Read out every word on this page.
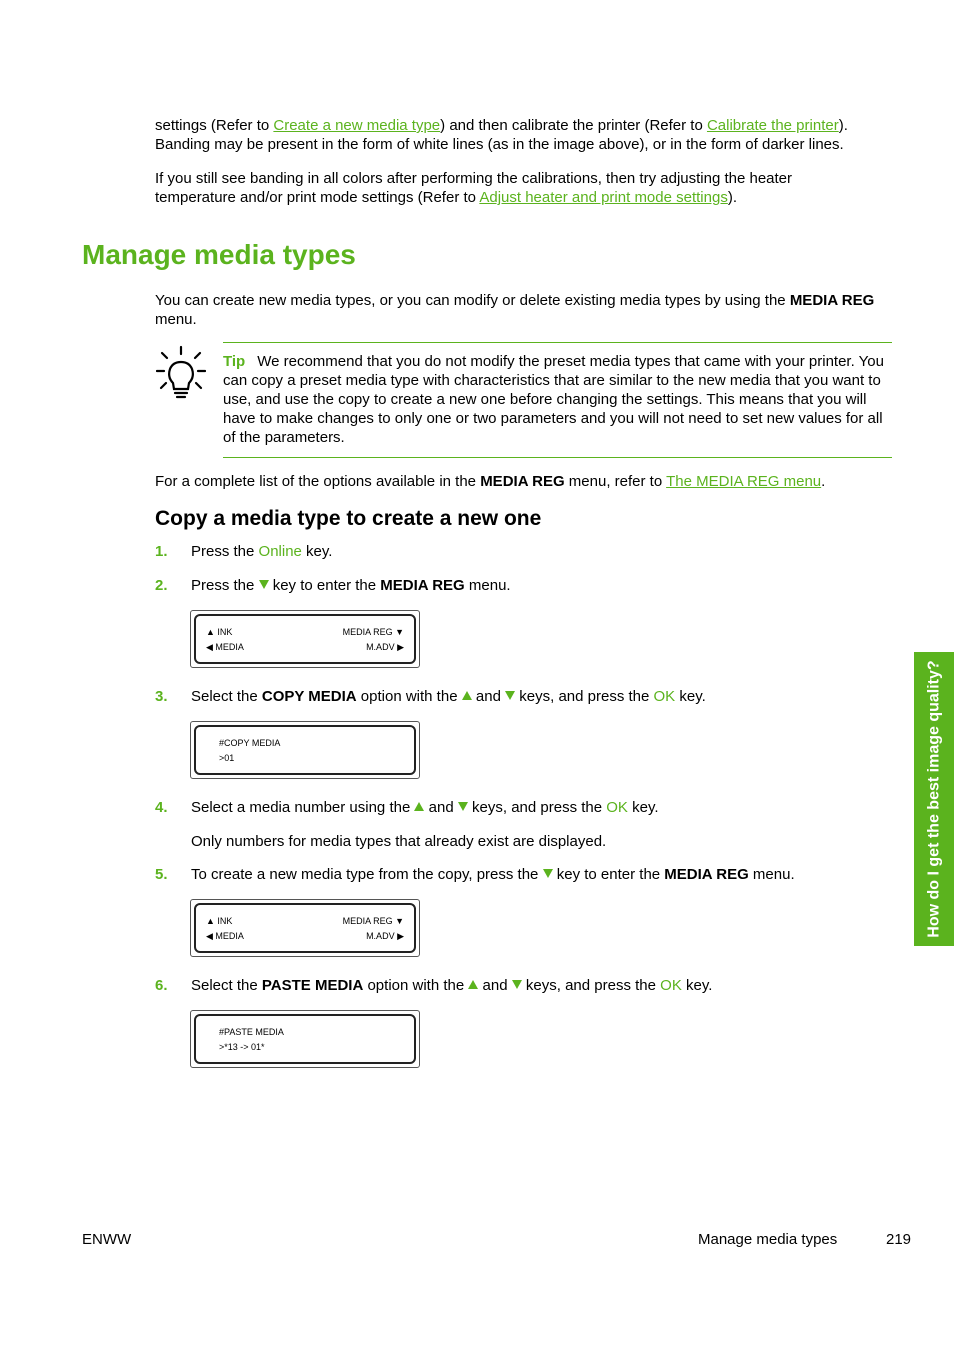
settings (Refer to Create a new media type) and then calibrate the printer (Refer to Calibrate the printer).
Banding may be present in the form of white lines (as in the image above), or in the form of darker lines.

If you still see banding in all colors after performing the calibrations, then try adjusting the heater temperature and/or print mode settings (Refer to Adjust heater and print mode settings).

Manage media types

You can create new media types, or you can modify or delete existing media types by using the MEDIA REG menu.

Tip We recommend that you do not modify the preset media types that came with your printer. You can copy a preset media type with characteristics that are similar to the new media that you want to use, and use the copy to create a new one before changing the settings. This means that you will have to make changes to only one or two parameters and you will not need to set new values for all of the parameters.

For a complete list of the options available in the MEDIA REG menu, refer to The MEDIA REG menu.

Copy a media type to create a new one
1. Press the Online key.

2. Press the  key to enter the MEDIA REG menu.

▲ INK
◀ MEDIA
MEDIA REG ▼
M.ADV ▶
3. Select the COPY MEDIA option with the  and  keys, and press the OK key.

#COPY MEDIA
>01
4. Select a media number using the  and  keys, and press the OK key.

Only numbers for media types that already exist are displayed.

5. To create a new media type from the copy, press the  key to enter the MEDIA REG menu.

▲ INK
◀ MEDIA
MEDIA REG ▼
M.ADV ▶
6. Select the PASTE MEDIA option with the  and  keys, and press the OK key.

#PASTE MEDIA
>*13 -> 01*
How do I get the best image quality?
ENWW	Manage media types	219
